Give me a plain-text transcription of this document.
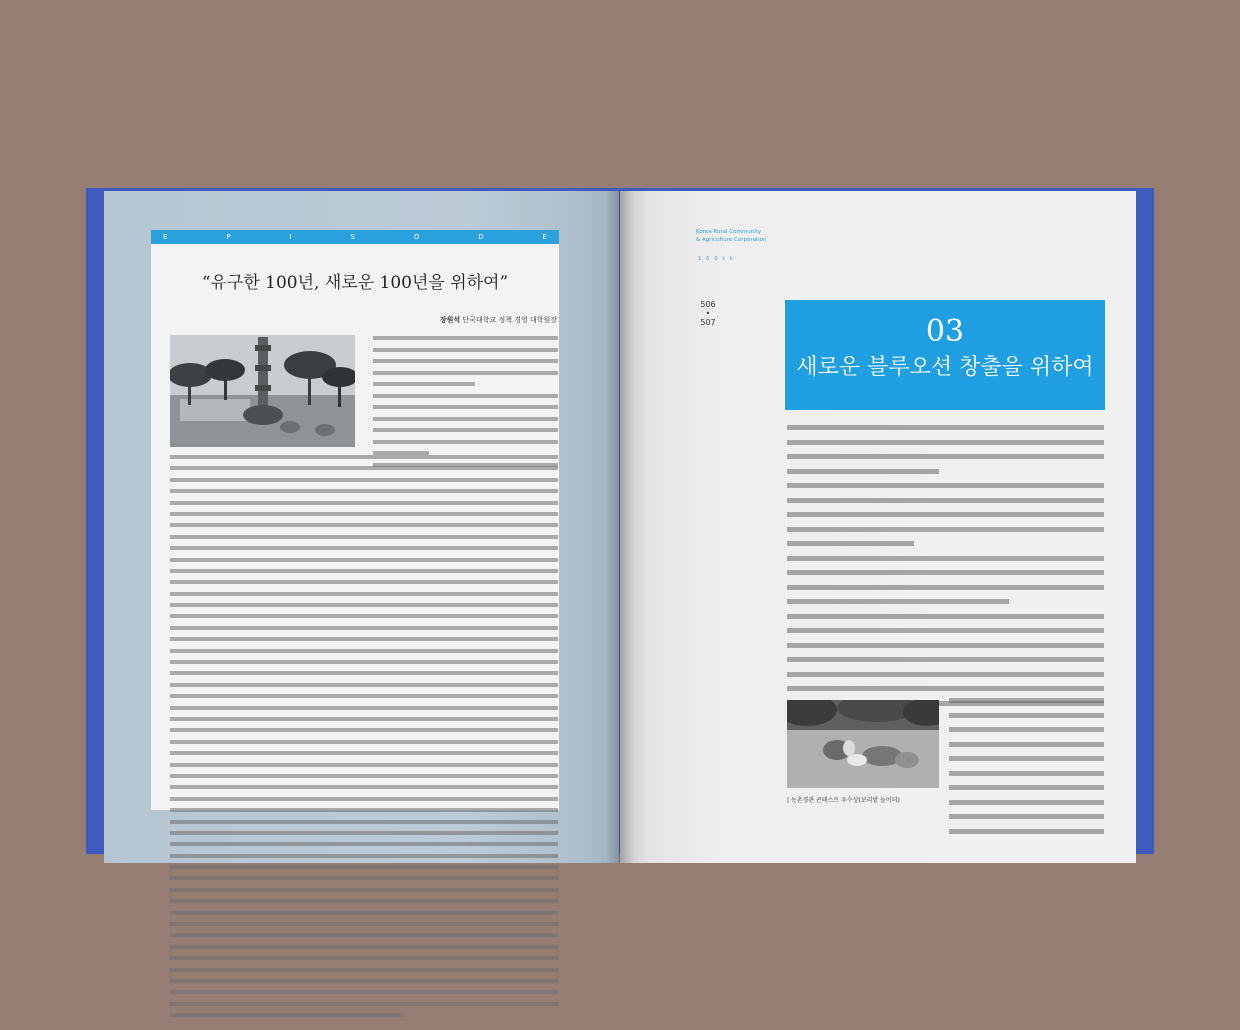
E	P	I	S	O	D	E
“유구한 100년, 새로운 100년을 위하여”
장원석 단국대학교 정책 경영 대학원장
Korea Rural Community
& Agriculture Corporation
100th
506
•
507	03
새로운 블루오션 창출을 위하여
| 농촌경관 콘테스트 우수상(보리밭 놀이터)
